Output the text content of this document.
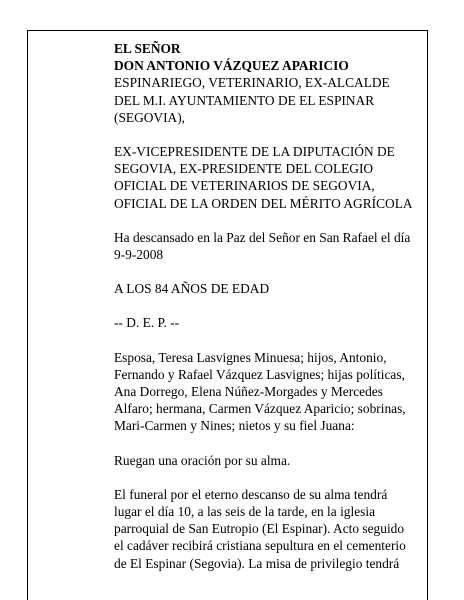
EL SEÑOR
DON ANTONIO VÁZQUEZ APARICIO
ESPINARIEGO, VETERINARIO, EX-ALCALDE
DEL M.I. AYUNTAMIENTO DE EL ESPINAR
(SEGOVIA),
EX-VICEPRESIDENTE DE LA DIPUTACIÓN DE
SEGOVIA, EX-PRESIDENTE DEL COLEGIO
OFICIAL DE VETERINARIOS DE SEGOVIA,
OFICIAL DE LA ORDEN DEL MÉRITO AGRÍCOLA
Ha descansado en la Paz del Señor en San Rafael el día
9-9-2008
A LOS 84 AÑOS DE EDAD
-- D. E. P. --
Esposa, Teresa Lasvignes Minuesa; hijos, Antonio,
Fernando y Rafael Vázquez Lasvignes; hijas políticas,
Ana Dorrego, Elena Núñez-Morgades y Mercedes
Alfaro; hermana, Carmen Vázquez Aparicio; sobrinas,
Mari-Carmen y Nines; nietos y su fiel Juana:
Ruegan una oración por su alma.
El funeral por el eterno descanso de su alma tendrá
lugar el día 10, a las seis de la tarde, en la iglesia
parroquial de San Eutropio (El Espinar). Acto seguido
el cadáver recibirá cristiana sepultura en el cementerio
de El Espinar (Segovia). La misa de privilegio tendrá
